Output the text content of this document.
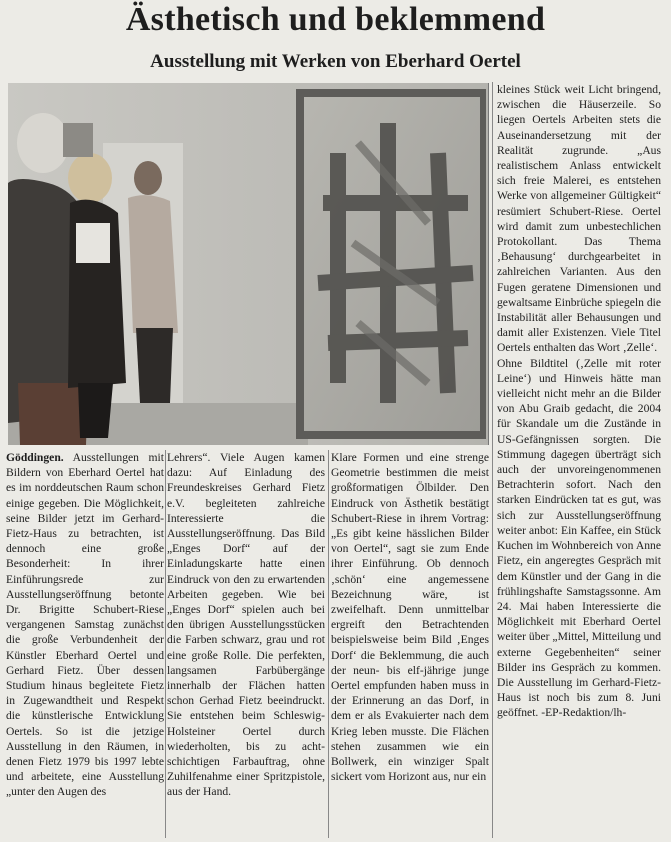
Ästhetisch und beklemmend
Ausstellung mit Werken von Eberhard Oertel

Göddingen. Ausstellungen mit Bildern von Eberhard Oertel hat es im norddeutschen Raum schon einige gegeben. Die Möglichkeit, seine Bilder jetzt im Gerhard-Fietz-Haus zu betrachten, ist dennoch eine große Besonderheit: In ihrer Einführungsrede zur Ausstellungseröffnung betonte Dr. Brigitte Schubert-Riese vergangenen Samstag zunächst die große Verbundenheit der Künstler Eberhard Oertel und Gerhard Fietz. Über dessen Studium hinaus begleitete Fietz in Zugewandtheit und Respekt die künstlerische Entwicklung Oertels. So ist die jetzige Ausstellung in den Räumen, in denen Fietz 1979 bis 1997 lebte und arbeitete, eine Ausstellung „unter den Augen des

Lehrers“. Viele Augen kamen dazu: Auf Einladung des Freundeskreises Gerhard Fietz e.V. begleiteten zahlreiche Interessierte die Ausstellungseröffnung. Das Bild „Enges Dorf“ auf der Einladungskarte hatte einen Eindruck von den zu erwartenden Arbeiten gegeben. Wie bei „Enges Dorf“ spielen auch bei den übrigen Ausstellungsstücken die Farben schwarz, grau und rot eine große Rolle. Die perfekten, langsamen Farbübergänge innerhalb der Flächen hatten schon Gerhad Fietz beeindruckt. Sie entstehen beim Schleswig-Holsteiner Oertel durch wiederholten, bis zu acht-schichtigen Farbauftrag, ohne Zuhilfenahme einer Spritzpistole, aus der Hand.

Klare Formen und eine strenge Geometrie bestimmen die meist großformatigen Ölbilder. Den Eindruck von Ästhetik bestätigt Schubert-Riese in ihrem Vortrag: „Es gibt keine hässlichen Bilder von Oertel“, sagt sie zum Ende ihrer Einführung. Ob dennoch ‚schön‘ eine angemessene Bezeichnung wäre, ist zweifelhaft. Denn unmittelbar ergreift den Betrachtenden beispielsweise beim Bild ‚Enges Dorf‘ die Beklemmung, die auch der neun- bis elf-jährige junge Oertel empfunden haben muss in der Erinnerung an das Dorf, in dem er als Evakuierter nach dem Krieg leben musste. Die Flächen stehen zusammen wie ein Bollwerk, ein winziger Spalt sickert vom Horizont aus, nur ein

kleines Stück weit Licht bringend, zwischen die Häuserzeile. So liegen Oertels Arbeiten stets die Auseinandersetzung mit der Realität zugrunde. „Aus realistischem Anlass entwickelt sich freie Malerei, es entstehen Werke von allgemeiner Gültigkeit“ resümiert Schubert-Riese. Oertel wird damit zum unbestechlichen Protokollant. Das Thema ‚Behausung‘ durchgearbeitet in zahlreichen Varianten. Aus den Fugen geratene Dimensionen und gewaltsame Einbrüche spiegeln die Instabilität aller Behausungen und damit aller Existenzen. Viele Titel Oertels enthalten das Wort ‚Zelle‘.

Ohne Bildtitel (‚Zelle mit roter Leine‘) und Hinweis hätte man vielleicht nicht mehr an die Bilder von Abu Graib gedacht, die 2004 für Skandale um die Zustände in US-Gefängnissen sorgten. Die Stimmung dagegen überträgt sich auch der unvoreingenommenen Betrachterin sofort. Nach den starken Eindrücken tat es gut, was sich zur Ausstellungseröffnung weiter anbot: Ein Kaffee, ein Stück Kuchen im Wohnbereich von Anne Fietz, ein angeregtes Gespräch mit dem Künstler und der Gang in die frühlingshafte Samstagssonne. Am 24. Mai haben Interessierte die Möglichkeit mit Eberhard Oertel weiter über „Mittel, Mitteilung und externe Gegebenheiten“ seiner Bilder ins Gespräch zu kommen. Die Ausstellung im Gerhard-Fietz-Haus ist noch bis zum 8. Juni geöffnet. -EP-Redaktion/lh-
